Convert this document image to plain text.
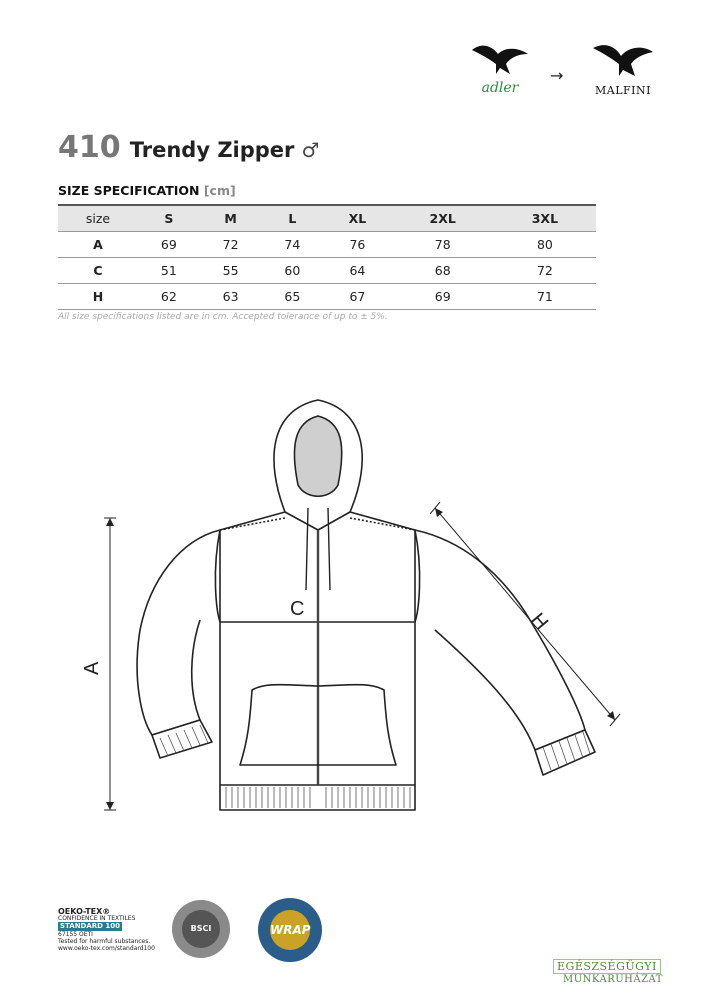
adler
→
MALFINI
410 Trendy Zipper ♂
SIZE SPECIFICATION [cm]
size	S	M	L	XL	2XL	3XL
A	69	72	74	76	78	80
C	51	55	60	64	68	72
H	62	63	65	67	69	71
All size specifications listed are in cm. Accepted tolerance of up to ± 5%.
A
C
H
OEKO-TEX®
CONFIDENCE IN TEXTILES
STANDARD 100
67155 OETI
Tested for harmful substances.
www.oeko-tex.com/standard100
BSCI	WRAP
EGÉSZSÉGÜGYI
MUNKARUHÁZAT
